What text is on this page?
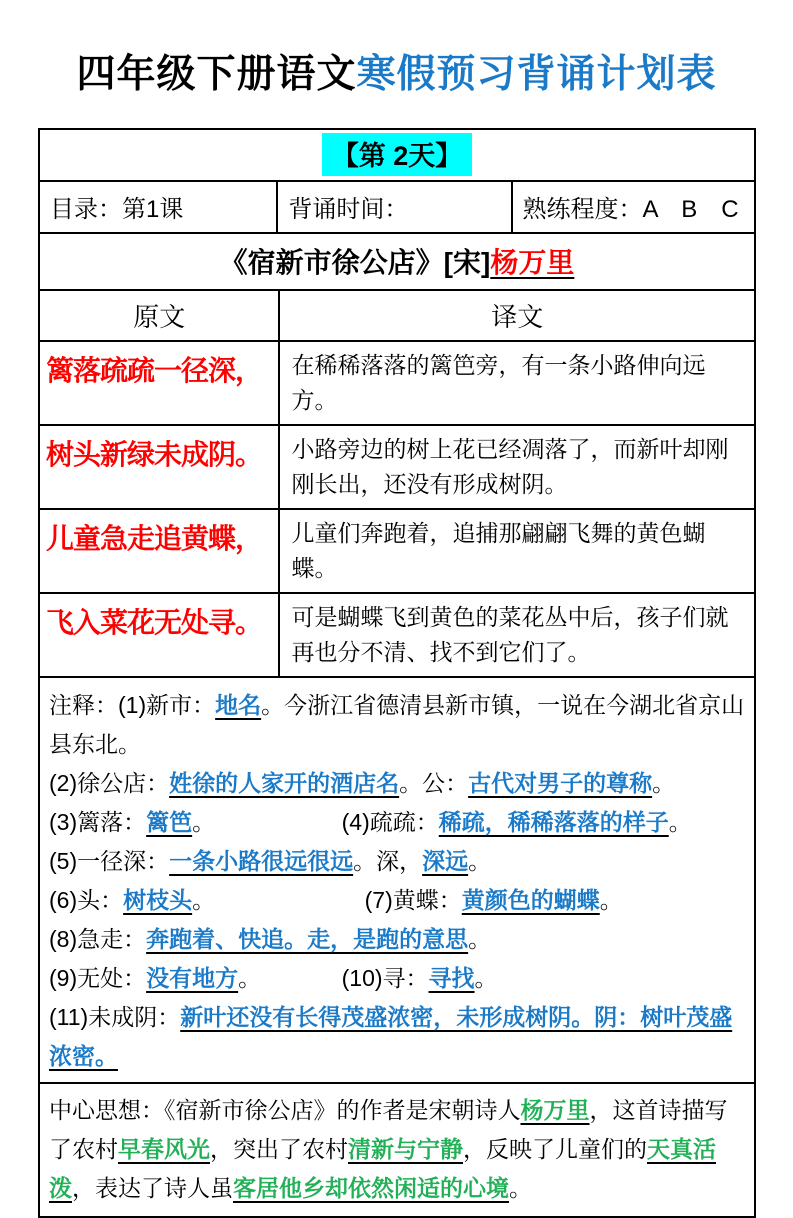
四年级下册语文寒假预习背诵计划表
【第 2天】
目录：第1课	背诵时间：	熟练程度：A　B　C
《宿新市徐公店》[宋]杨万里
原文	译文
篱落疏疏一径深，	在稀稀落落的篱笆旁，有一条小路伸向远方。
树头新绿未成阴。	小路旁边的树上花已经凋落了，而新叶却刚刚长出，还没有形成树阴。
儿童急走追黄蝶，	儿童们奔跑着，追捕那翩翩飞舞的黄色蝴蝶。
飞入菜花无处寻。	可是蝴蝶飞到黄色的菜花丛中后，孩子们就再也分不清、找不到它们了。

注释：(1)新市：地名。今浙江省德清县新市镇，一说在今湖北省京山县东北。

(2)徐公店：姓徐的人家开的酒店名。公：古代对男子的尊称。

(3)篱落：篱笆。　　　　　　(4)疏疏：稀疏，稀稀落落的样子。

(5)一径深：一条小路很远很远。深，深远。

(6)头：树枝头。　　　　　　　(7)黄蝶：黄颜色的蝴蝶。

(8)急走：奔跑着、快追。走，是跑的意思。

(9)无处：没有地方。　　　　(10)寻：寻找。

(11)未成阴：新叶还没有长得茂盛浓密，未形成树阴。阴：树叶茂盛浓密。

中心思想：《宿新市徐公店》的作者是宋朝诗人杨万里，这首诗描写了农村早春风光，突出了农村清新与宁静，反映了儿童们的天真活泼，表达了诗人虽客居他乡却依然闲适的心境。
